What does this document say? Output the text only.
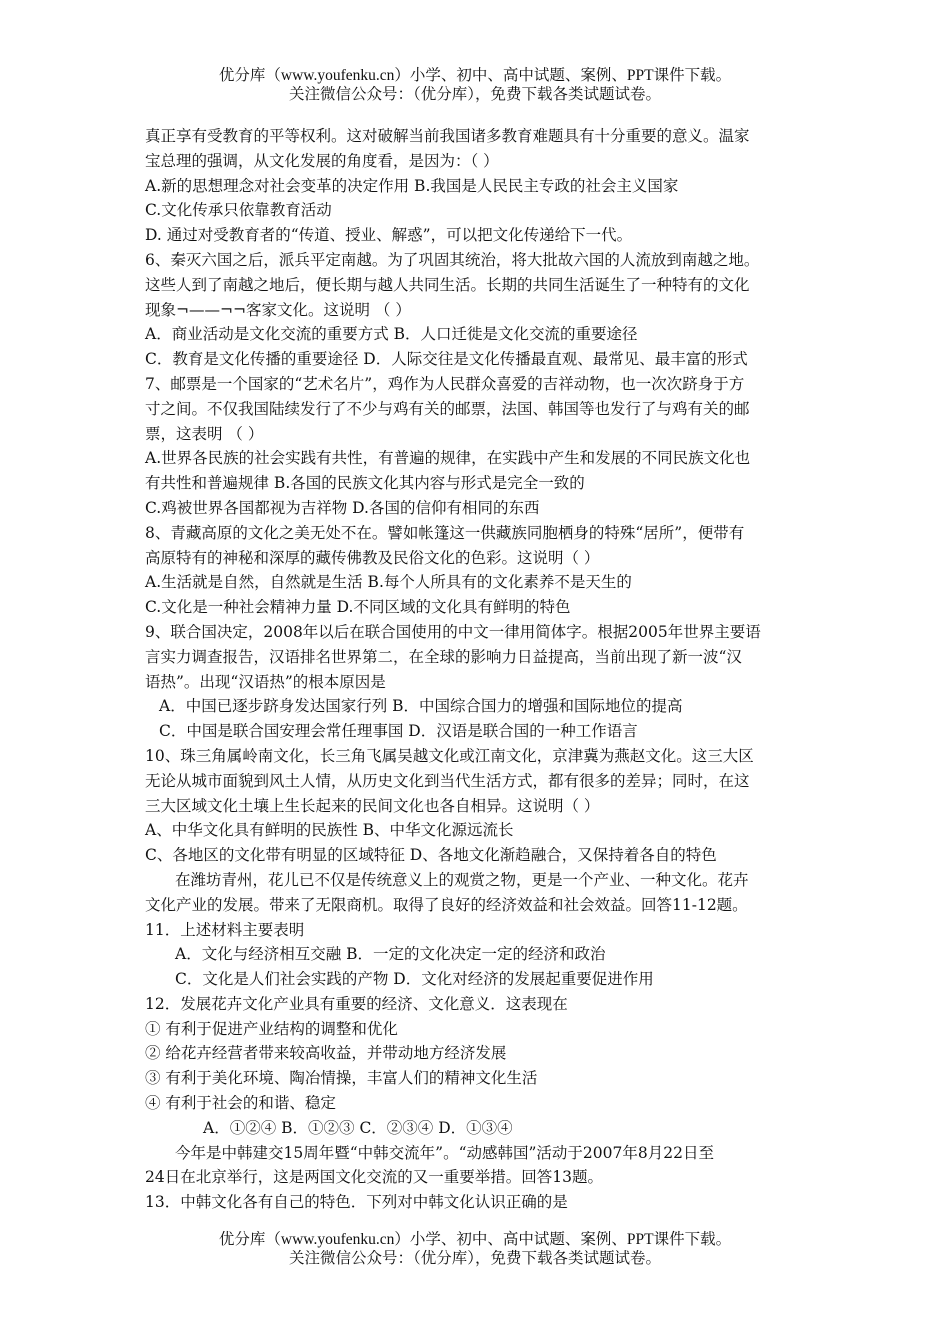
优分库（www.youfenku.cn）小学、初中、高中试题、案例、PPT课件下载。
关注微信公众号：（优分库），免费下载各类试题试卷。
真正享有受教育的平等权利。这对破解当前我国诸多教育难题具有十分重要的意义。温家
宝总理的强调，从文化发展的角度看，是因为：（ ）
A.新的思想理念对社会变革的决定作用 B.我国是人民民主专政的社会主义国家
C.文化传承只依靠教育活动
D. 通过对受教育者的“传道、授业、解惑”，可以把文化传递给下一代。
6、秦灭六国之后，派兵平定南越。为了巩固其统治，将大批故六国的人流放到南越之地。
这些人到了南越之地后，便长期与越人共同生活。长期的共同生活诞生了一种特有的文化
现象¬——¬¬客家文化。这说明 （ ）
A．商业活动是文化交流的重要方式 B．人口迁徙是文化交流的重要途径
C．教育是文化传播的重要途径 D．人际交往是文化传播最直观、最常见、最丰富的形式
7、邮票是一个国家的“艺术名片”，鸡作为人民群众喜爱的吉祥动物，也一次次跻身于方
寸之间。不仅我国陆续发行了不少与鸡有关的邮票，法国、韩国等也发行了与鸡有关的邮
票，这表明 （ ）
A.世界各民族的社会实践有共性，有普遍的规律，在实践中产生和发展的不同民族文化也
有共性和普遍规律 B.各国的民族文化其内容与形式是完全一致的
C.鸡被世界各国都视为吉祥物 D.各国的信仰有相同的东西
8、青藏高原的文化之美无处不在。譬如帐篷这一供藏族同胞栖身的特殊“居所”，便带有
高原特有的神秘和深厚的藏传佛教及民俗文化的色彩。这说明（ ）
A.生活就是自然，自然就是生活 B.每个人所具有的文化素养不是天生的
C.文化是一种社会精神力量 D.不同区域的文化具有鲜明的特色
9、联合国决定，2008年以后在联合国使用的中文一律用简体字。根据2005年世界主要语
言实力调查报告，汉语排名世界第二，在全球的影响力日益提高，当前出现了新一波“汉
语热”。出现“汉语热”的根本原因是
A．中国已逐步跻身发达国家行列 B．中国综合国力的增强和国际地位的提高
C．中国是联合国安理会常任理事国 D．汉语是联合国的一种工作语言
10、珠三角属岭南文化，长三角飞属吴越文化或江南文化，京津冀为燕赵文化。这三大区
无论从城市面貌到风土人情，从历史文化到当代生活方式，都有很多的差异；同时，在这
三大区域文化土壤上生长起来的民间文化也各自相异。这说明（ ）
A、中华文化具有鲜明的民族性 B、中华文化源远流长
C、各地区的文化带有明显的区域特征 D、各地文化渐趋融合，又保持着各自的特色
在潍坊青州，花儿已不仅是传统意义上的观赏之物，更是一个产业、一种文化。花卉
文化产业的发展。带来了无限商机。取得了良好的经济效益和社会效益。回答11-12题。
11．上述材料主要表明
A．文化与经济相互交融 B．一定的文化决定一定的经济和政治
C．文化是人们社会实践的产物 D．文化对经济的发展起重要促进作用
12．发展花卉文化产业具有重要的经济、文化意义．这表现在
① 有利于促进产业结构的调整和优化
② 给花卉经营者带来较高收益，并带动地方经济发展
③ 有利于美化环境、陶冶情操，丰富人们的精神文化生活
④ 有利于社会的和谐、稳定
A．①②④ B．①②③ C．②③④ D．①③④
今年是中韩建交15周年暨“中韩交流年”。“动感韩国”活动于2007年8月22日至
24日在北京举行，这是两国文化交流的又一重要举措。回答13题。
13．中韩文化各有自己的特色．下列对中韩文化认识正确的是
优分库（www.youfenku.cn）小学、初中、高中试题、案例、PPT课件下载。
关注微信公众号：（优分库），免费下载各类试题试卷。
